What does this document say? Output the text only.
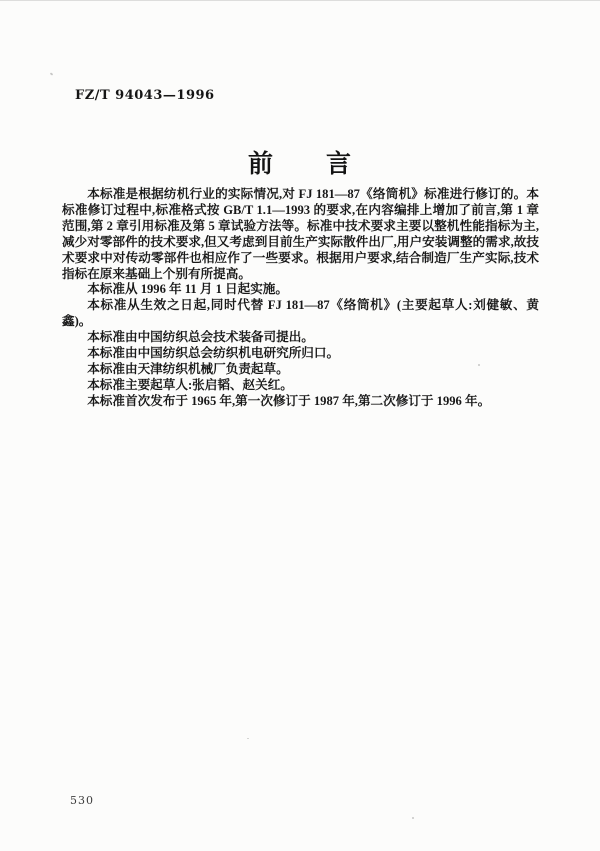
FZ/T 94043—1996
前　　言

本标准是根据纺机行业的实际情况,对 FJ 181—87《络筒机》标准进行修订的。本标准修订过程中,标准格式按 GB/T 1.1—1993 的要求,在内容编排上增加了前言,第 1 章范围,第 2 章引用标准及第 5 章试验方法等。标准中技术要求主要以整机性能指标为主,减少对零部件的技术要求,但又考虑到目前生产实际散件出厂,用户安装调整的需求,故技术要求中对传动零部件也相应作了一些要求。根据用户要求,结合制造厂生产实际,技术指标在原来基础上个别有所提高。

本标准从 1996 年 11 月 1 日起实施。

本标准从生效之日起,同时代替 FJ 181—87《络筒机》(主要起草人:刘健敏、黄鑫)。

本标准由中国纺织总会技术装备司提出。

本标准由中国纺织总会纺织机电研究所归口。

本标准由天津纺织机械厂负责起草。

本标准主要起草人:张启韬、赵关红。

本标准首次发布于 1965 年,第一次修订于 1987 年,第二次修订于 1996 年。

530
